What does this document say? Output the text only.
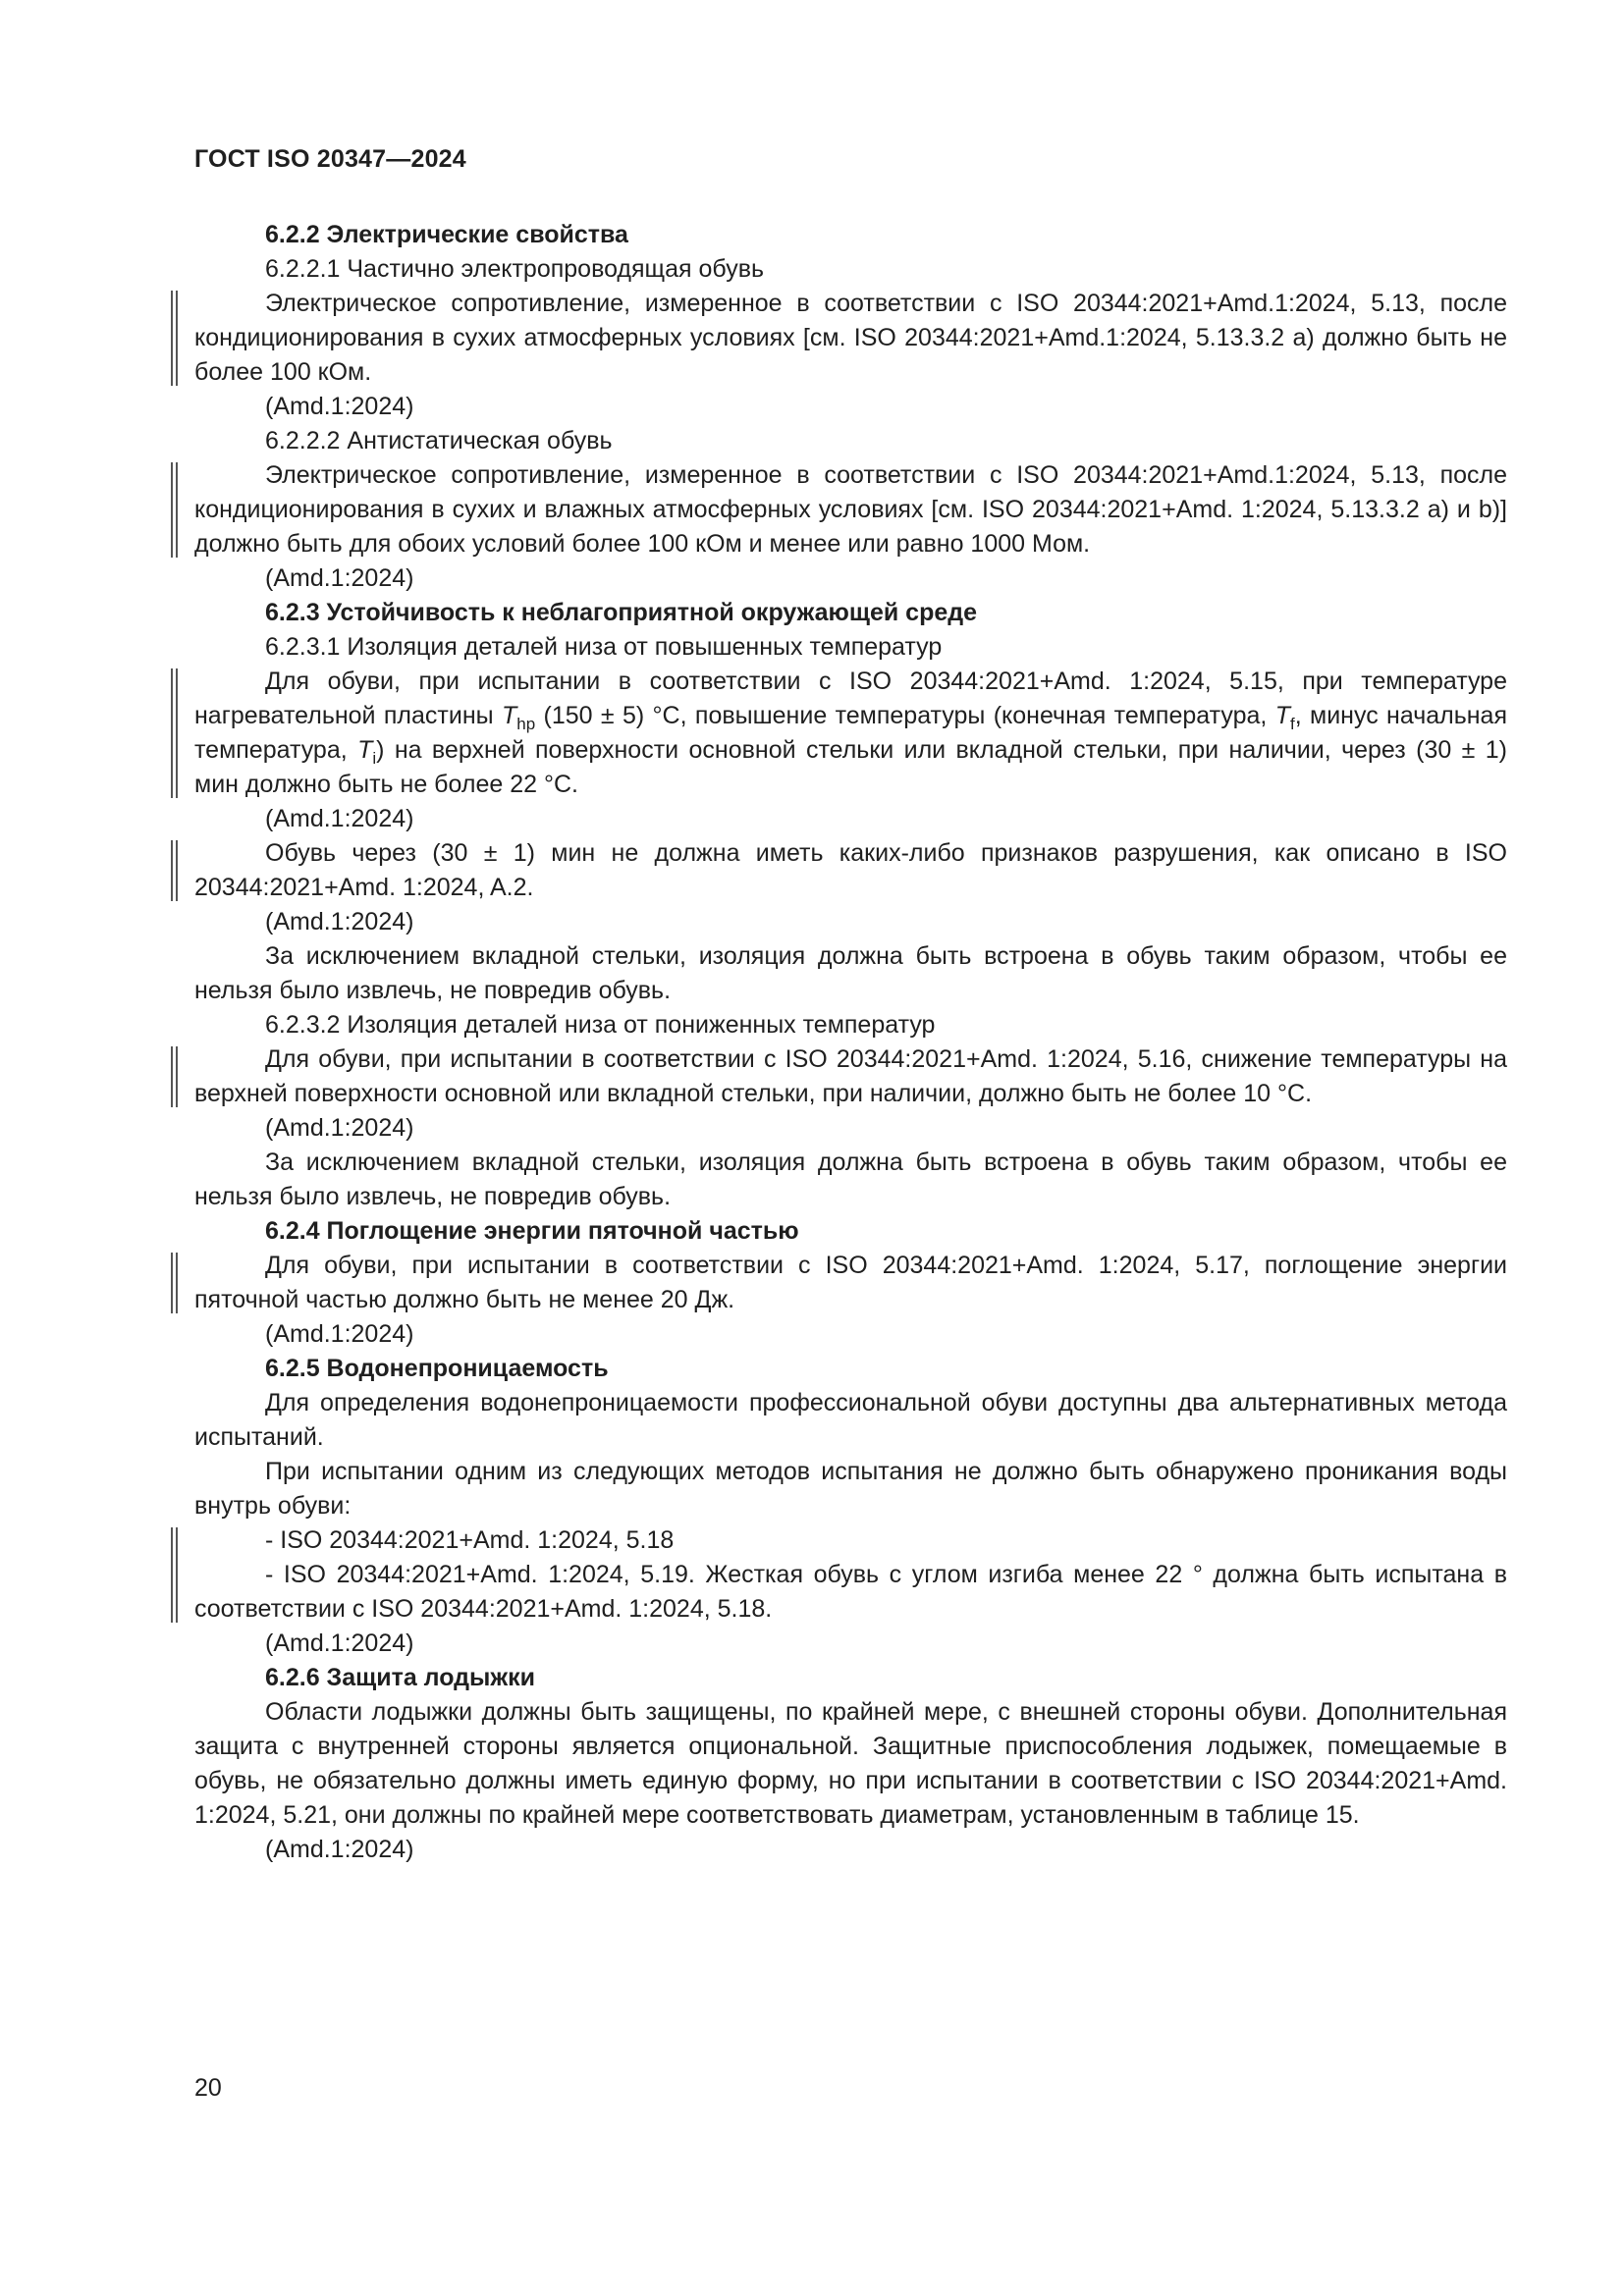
ГОСТ ISO 20347—2024

6.2.2 Электрические свойства

6.2.2.1 Частично электропроводящая обувь

Электрическое сопротивление, измеренное в соответствии с ISO 20344:2021+Amd.1:2024, 5.13, после кондиционирования в сухих атмосферных условиях [см. ISO 20344:2021+Amd.1:2024, 5.13.3.2 a) должно быть не более 100 кОм.

(Amd.1:2024)

6.2.2.2 Антистатическая обувь

Электрическое сопротивление, измеренное в соответствии с ISO 20344:2021+Amd.1:2024, 5.13, после кондиционирования в сухих и влажных атмосферных условиях [см. ISO 20344:2021+Amd. 1:2024, 5.13.3.2 a) и b)] должно быть для обоих условий более 100 кОм и менее или равно 1000 Мом.

(Amd.1:2024)

6.2.3 Устойчивость к неблагоприятной окружающей среде

6.2.3.1 Изоляция деталей низа от повышенных температур

Для обуви, при испытании в соответствии с ISO 20344:2021+Amd. 1:2024, 5.15, при температуре нагревательной пластины $T_{hp}$ (150 ± 5) °С, повышение температуры (конечная температура, $T_f$, минус начальная температура, $T_i$) на верхней поверхности основной стельки или вкладной стельки, при наличии, через (30 ± 1) мин должно быть не более 22 °С.

(Amd.1:2024)

Обувь через (30 ± 1) мин не должна иметь каких-либо признаков разрушения, как описано в ISO 20344:2021+Amd. 1:2024, A.2.

(Amd.1:2024)

За исключением вкладной стельки, изоляция должна быть встроена в обувь таким образом, чтобы ее нельзя было извлечь, не повредив обувь.

6.2.3.2 Изоляция деталей низа от пониженных температур

Для обуви, при испытании в соответствии с ISO 20344:2021+Amd. 1:2024, 5.16, снижение температуры на верхней поверхности основной или вкладной стельки, при наличии, должно быть не более 10 °С.

(Amd.1:2024)

За исключением вкладной стельки, изоляция должна быть встроена в обувь таким образом, чтобы ее нельзя было извлечь, не повредив обувь.

6.2.4 Поглощение энергии пяточной частью

Для обуви, при испытании в соответствии с ISO 20344:2021+Amd. 1:2024, 5.17, поглощение энергии пяточной частью должно быть не менее 20 Дж.

(Amd.1:2024)

6.2.5 Водонепроницаемость

Для определения водонепроницаемости профессиональной обуви доступны два альтернативных метода испытаний.

При испытании одним из следующих методов испытания не должно быть обнаружено проникания воды внутрь обуви:

- ISO 20344:2021+Amd. 1:2024, 5.18

- ISO 20344:2021+Amd. 1:2024, 5.19. Жесткая обувь с углом изгиба менее 22 ° должна быть испытана в соответствии с ISO 20344:2021+Amd. 1:2024, 5.18.

(Amd.1:2024)

6.2.6 Защита лодыжки

Области лодыжки должны быть защищены, по крайней мере, с внешней стороны обуви. Дополнительная защита с внутренней стороны является опциональной. Защитные приспособления лодыжек, помещаемые в обувь, не обязательно должны иметь единую форму, но при испытании в соответствии с ISO 20344:2021+Amd. 1:2024, 5.21, они должны по крайней мере соответствовать диаметрам, установленным в таблице 15.

(Amd.1:2024)

20
